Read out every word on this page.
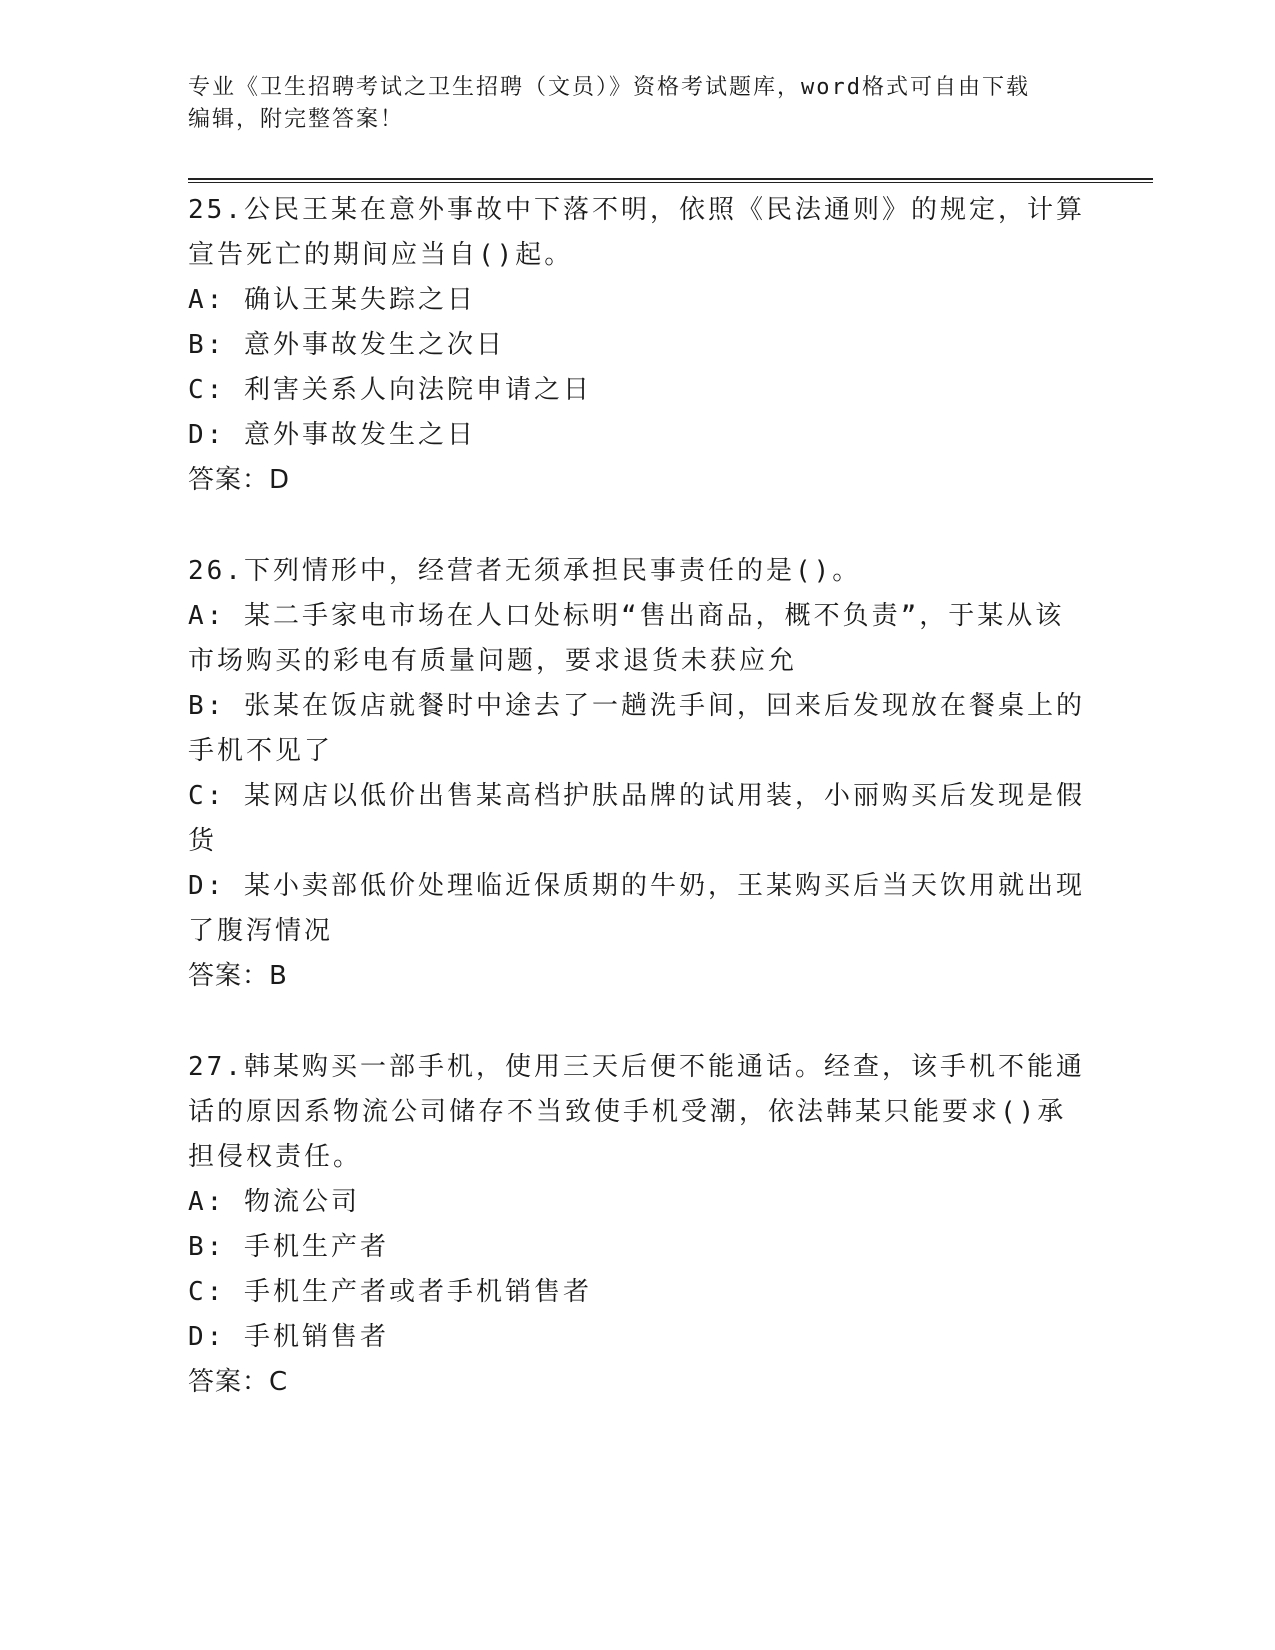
专业《卫生招聘考试之卫生招聘（文员）》资格考试题库，word格式可自由下载
编辑，附完整答案！

25.公民王某在意外事故中下落不明，依照《民法通则》的规定，计算宣告死亡的期间应当自()起。

A: 确认王某失踪之日

B: 意外事故发生之次日

C: 利害关系人向法院申请之日

D: 意外事故发生之日

答案：D

26.下列情形中，经营者无须承担民事责任的是()。

A: 某二手家电市场在人口处标明“售出商品，概不负责”，于某从该市场购买的彩电有质量问题，要求退货未获应允

B: 张某在饭店就餐时中途去了一趟洗手间，回来后发现放在餐桌上的手机不见了

C: 某网店以低价出售某高档护肤品牌的试用装，小丽购买后发现是假货

D: 某小卖部低价处理临近保质期的牛奶，王某购买后当天饮用就出现了腹泻情况

答案：B

27.韩某购买一部手机，使用三天后便不能通话。经查，该手机不能通话的原因系物流公司储存不当致使手机受潮，依法韩某只能要求()承担侵权责任。

A: 物流公司

B: 手机生产者

C: 手机生产者或者手机销售者

D: 手机销售者

答案：C
